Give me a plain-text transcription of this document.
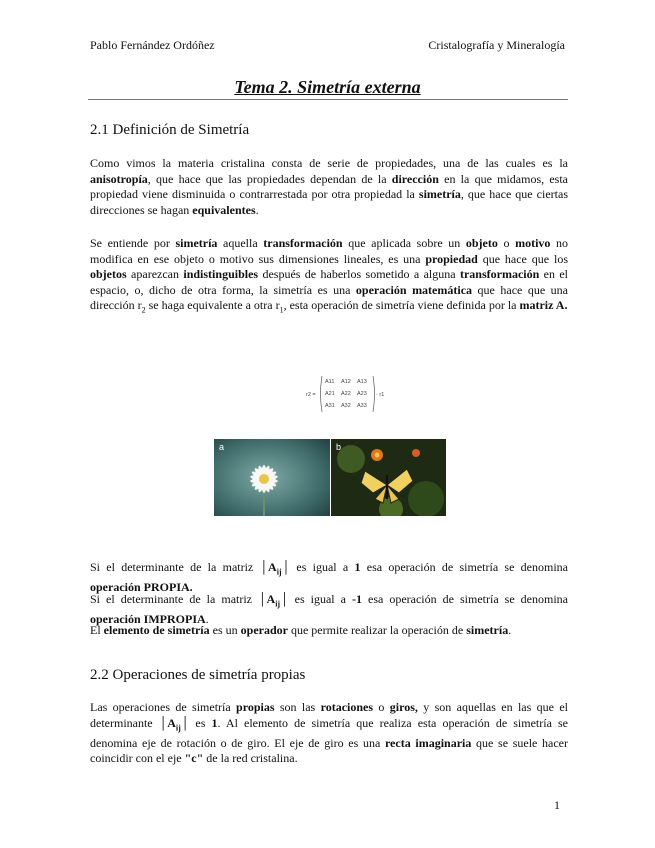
Pablo Fernández Ordóñez	Cristalografía y Mineralogía
Tema 2. Simetría externa
2.1 Definición de Simetría
Como vimos la materia cristalina consta de serie de propiedades, una de las cuales es la anisotropía, que hace que las propiedades dependan de la dirección en la que midamos, esta propiedad viene disminuida o contrarrestada por otra propiedad la simetría, que hace que ciertas direcciones se hagan equivalentes.
Se entiende por simetría aquella transformación que aplicada sobre un objeto o motivo no modifica en ese objeto o motivo sus dimensiones lineales, es una propiedad que hace que los objetos aparezcan indistinguibles después de haberlos sometido a alguna transformación en el espacio, o, dicho de otra forma, la simetría es una operación matemática que hace que una dirección $r_2$ se haga equivalente a otra $r_1$, esta operación de simetría viene definida por la matriz A.
r2 =
A11 A12 A13
A21 A22 A23
A31 A32 A33
· r1
a	b
Si el determinante de la matriz $│A_{ij}│$ es igual a 1 esa operación de simetría se denomina operación PROPIA.
Si el determinante de la matriz $│A_{ij}│$ es igual a -1 esa operación de simetría se denomina operación IMPROPIA.
El elemento de simetría es un operador que permite realizar la operación de simetría.
2.2 Operaciones de simetría propias
Las operaciones de simetría propias son las rotaciones o giros, y son aquellas en las que el determinante $│A_{ij}│$ es 1. Al elemento de simetría que realiza esta operación de simetría se denomina eje de rotación o de giro. El eje de giro es una recta imaginaria que se suele hacer coincidir con el eje "c" de la red cristalina.
1
